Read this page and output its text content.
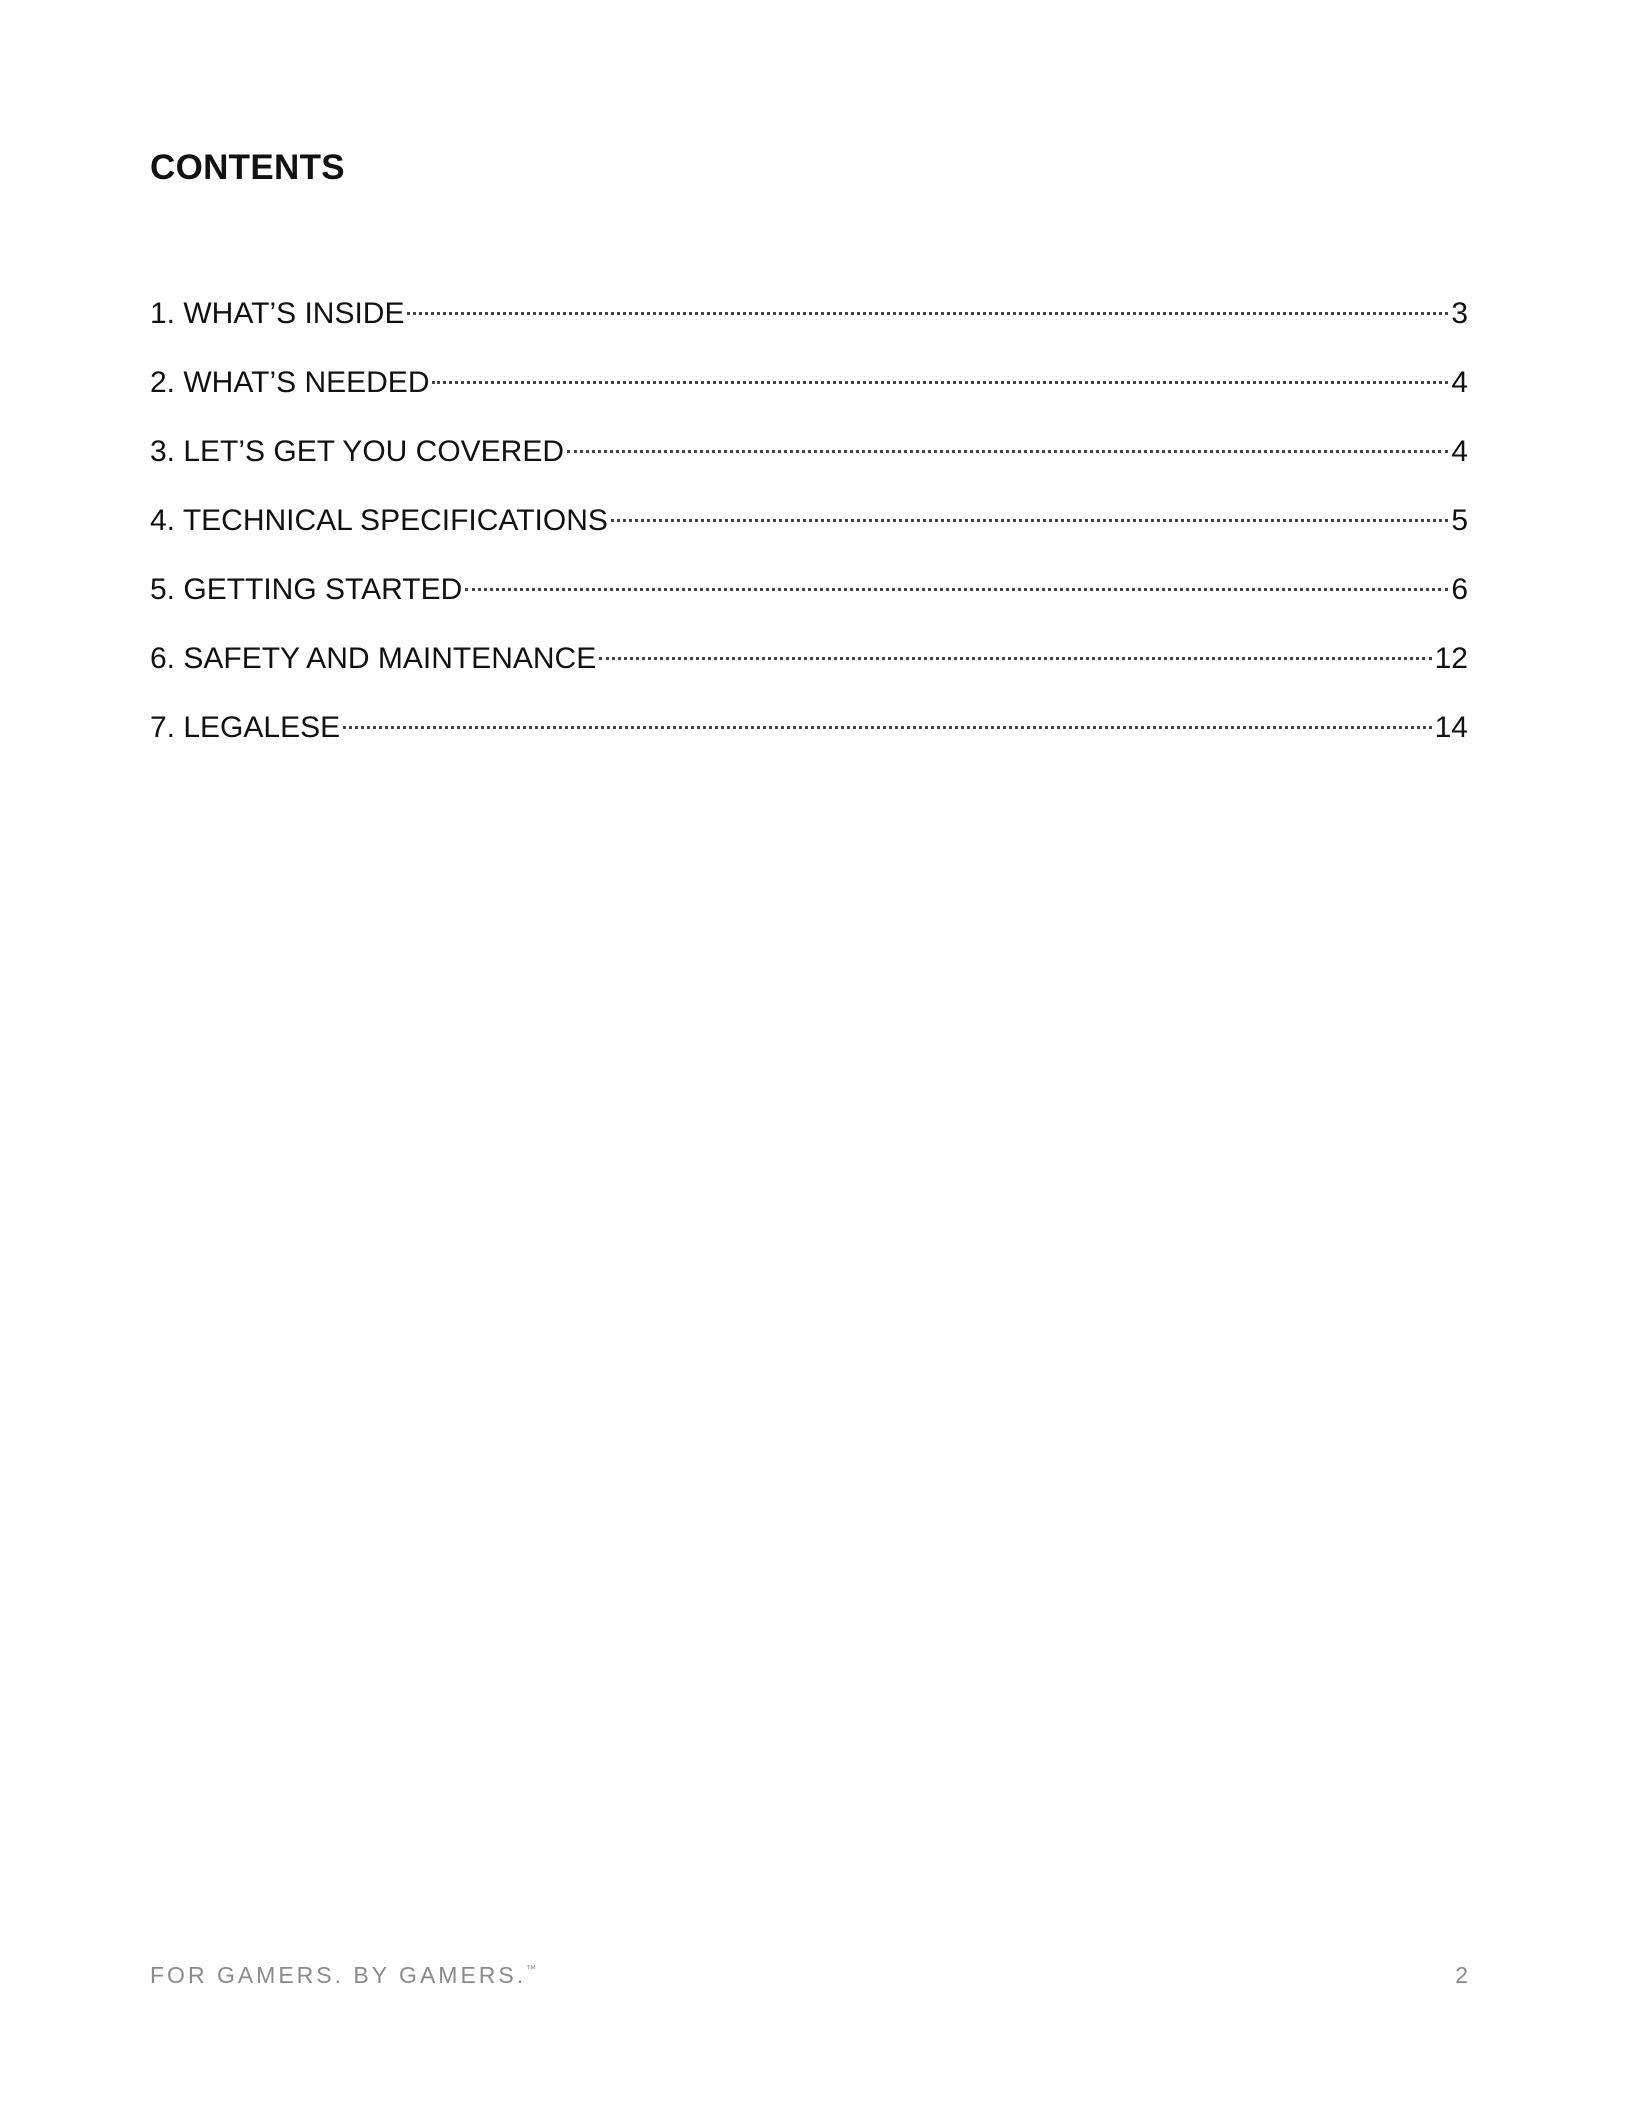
CONTENTS
1. WHAT’S INSIDE	3
2. WHAT’S NEEDED	4
3. LET’S GET YOU COVERED	4
4. TECHNICAL SPECIFICATIONS	5
5. GETTING STARTED	6
6. SAFETY AND MAINTENANCE	12
7. LEGALESE	14
FOR GAMERS. BY GAMERS.™	2
